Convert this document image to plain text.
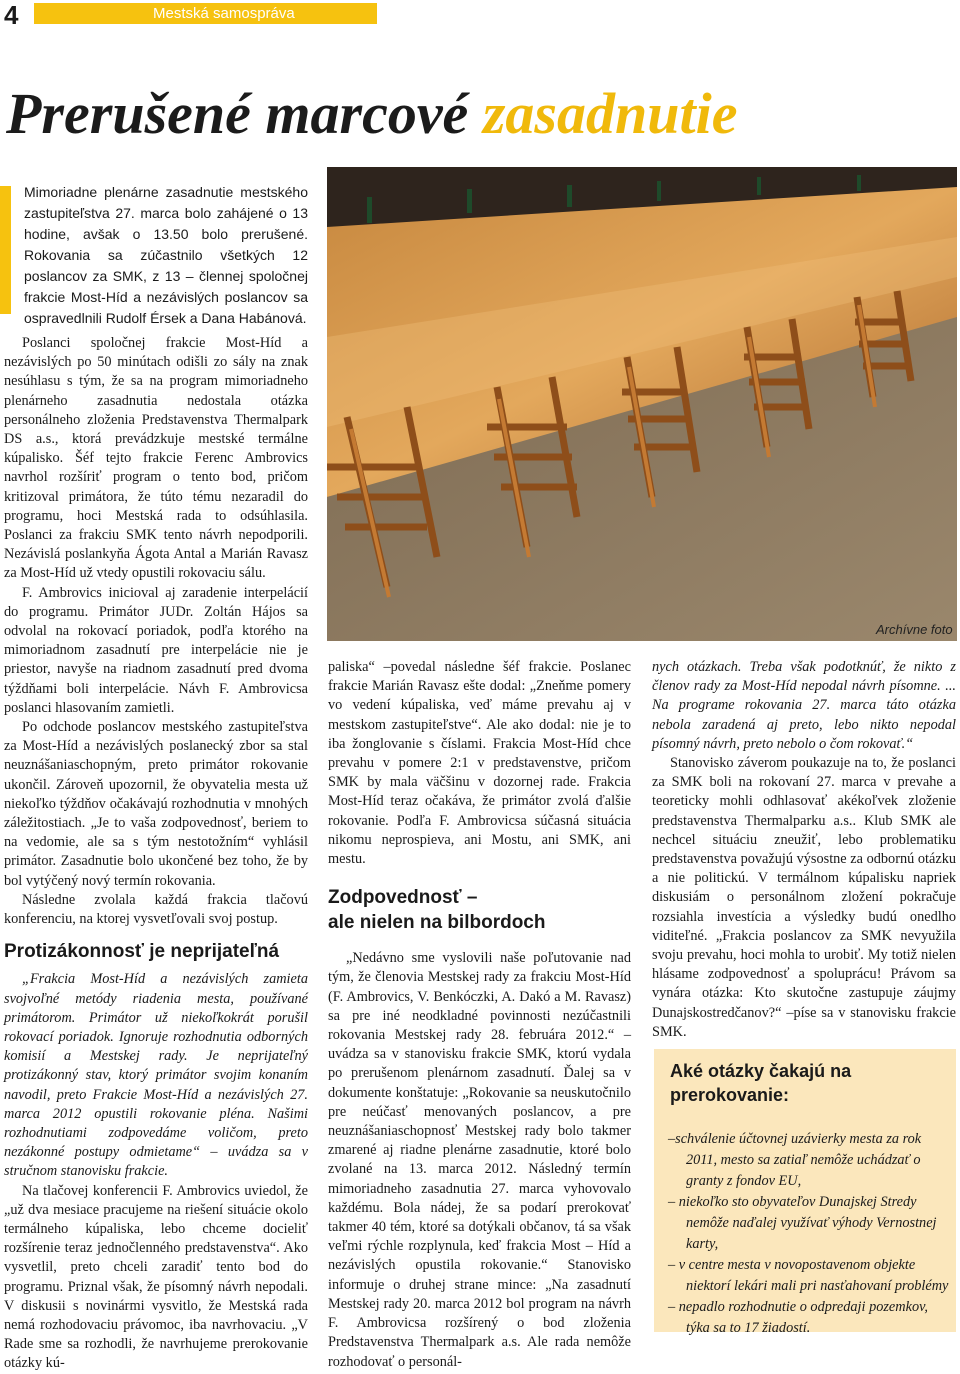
4	Mestská samospráva
Prerušené marcové zasadnutie
Mimoriadne plenárne zasadnutie mestského zastupiteľstva 27. marca bolo zahájené o 13 hodine, avšak o 13.50 bolo prerušené. Rokovania sa zúčastnilo všetkých 12 poslancov za SMK, z 13 – člennej spoločnej frakcie Most-Híd a nezávislých poslancov sa ospravedlnili Rudolf Érsek a Dana Habánová.
Archívne foto

Poslanci spoločnej frakcie Most-Híd a nezávislých po 50 minútach odišli zo sály na znak nesúhlasu s tým, že sa na program mimoriadneho plenárneho zasadnutia nedostala otázka personálneho zloženia Predstavenstva Thermalpark DS a.s., ktorá prevádzkuje mestské termálne kúpalisko. Šéf tejto frakcie Ferenc Ambrovics navrhol rozšíriť program o tento bod, pričom kritizoval primátora, že túto tému nezaradil do programu, hoci Mestská rada to odsúhlasila. Poslanci za frakciu SMK tento návrh nepodporili. Nezávislá poslankyňa Ágota Antal a Marián Ravasz za Most-Híd už vtedy opustili rokovaciu sálu.

F. Ambrovics inicioval aj zaradenie interpelácií do programu. Primátor JUDr. Zoltán Hájos sa odvolal na rokovací poriadok, podľa ktorého na mimoriadnom zasadnutí pre interpelácie nie je priestor, navyše na riadnom zasadnutí pred dvoma týždňami boli interpelácie. Návh F. Ambrovicsa poslanci hlasovaním zamietli.

Po odchode poslancov mestského zastupiteľstva za Most-Híd a nezávislých poslanecký zbor sa stal neuznášaniaschopným, preto primátor rokovanie ukončil. Zároveň upozornil, že obyvatelia mesta už niekoľko týždňov očakávajú rozhodnutia v mnohých záležitostiach. „Je to vaša zodpovednosť, beriem to na vedomie, ale sa s tým nestotožním“ vyhlásil primátor. Zasadnutie bolo ukončené bez toho, že by bol vytýčený nový termín rokovania.

Následne zvolala každá frakcia tlačovú konferenciu, na ktorej vysvetľovali svoj postup.

Protizákonnosť je neprijateľná

„Frakcia Most-Híd a nezávislých zamieta svojvoľné metódy riadenia mesta, používané primátorom. Primátor už niekoľkokrát porušil rokovací poriadok. Ignoruje rozhodnutia odborných komisií a Mestskej rady. Je neprijateľný protizákonný stav, ktorý primátor svojim konaním navodil, preto Frakcie Most-Híd a nezávislých 27. marca 2012 opustili rokovanie pléna. Našimi rozhodnutiami zodpovedáme voličom, preto nezákonné postupy odmietame“ – uvádza sa v stručnom stanovisku frakcie.

Na tlačovej konferencii F. Ambrovics uviedol, že „už dva mesiace pracujeme na riešení situácie okolo termálneho kúpaliska, lebo chceme docieliť rozšírenie teraz jednočlenného predstavenstva“. Ako vysvetlil, preto chceli zaradiť tento bod do programu. Priznal však, že písomný návrh nepodali. V diskusii s novinármi vysvitlo, že Mestská rada nemá rozhodovaciu právomoc, iba navrhovaciu. „V Rade sme sa rozhodli, že navrhujeme prerokovanie otázky kú-

paliska“ –povedal následne šéf frakcie. Poslanec frakcie Marián Ravasz ešte dodal: „Zneňme pomery vo vedení kúpaliska, veď máme prevahu aj v mestskom zastupiteľstve“. Ale ako dodal: nie je to iba žonglovanie s číslami. Frakcia Most-Híd chce prevahu v pomere 2:1 v predstavenstve, pričom SMK by mala väčšinu v dozornej rade. Frakcia Most-Híd teraz očakáva, že primátor zvolá ďalšie rokovanie. Podľa F. Ambrovicsa súčasná situácia nikomu neprospieva, ani Mostu, ani SMK, ani mestu.

Zodpovednosť –
ale nielen na bilbordoch

„Nedávno sme vyslovili naše poľutovanie nad tým, že členovia Mestskej rady za frakciu Most-Híd (F. Ambrovics, V. Benkóczki, A. Dakó a M. Ravasz) sa pre iné neodkladné povinnosti nezúčastnili rokovania Mestskej rady 28. februára 2012.“ – uvádza sa v stanovisku frakcie SMK, ktorú vydala po prerušenom plenárnom zasadnutí. Ďalej sa v dokumente konštatuje: „Rokovanie sa neuskutočnilo pre neúčasť menovaných poslancov, a pre neuznášaniaschopnosť Mestskej rady bolo takmer zmarené aj riadne plenárne zasadnutie, ktoré bolo zvolané na 13. marca 2012. Následný termín mimoriadneho zasadnutia 27. marca vyhovovalo každému. Bola nádej, že sa podarí prerokovať takmer 40 tém, ktoré sa dotýkali občanov, tá sa však veľmi rýchle rozplynula, keď frakcia Most – Híd a nezávislých opustila rokovanie.“ Stanovisko informuje o druhej strane mince: „Na zasadnutí Mestskej rady 20. marca 2012 bol program na návrh F. Ambrovicsa rozšírený o bod zloženia Predstavenstva Thermalpark a.s. Ale rada nemôže rozhodovať o personál-

nych otázkach. Treba však podotknúť, že nikto z členov rady za Most-Híd nepodal návrh písomne. ... Na programe rokovania 27. marca táto otázka nebola zaradená aj preto, lebo nikto nepodal písomný návrh, preto nebolo o čom rokovať.“

Stanovisko záverom poukazuje na to, že poslanci za SMK boli na rokovaní 27. marca v prevahe a teoreticky mohli odhlasovať akékoľvek zloženie predstavenstva Thermalparku a.s.. Klub SMK ale nechcel situáciu zneužiť, lebo problematiku predstavenstva považujú výsostne za odbornú otázku a nie politickú. V termálnom kúpalisku napriek diskusiám o personálnom zložení pokračuje rozsiahla investícia a výsledky budú onedlho viditeľné. „Frakcia poslancov za SMK nevyužila svoju prevahu, hoci mohla to urobiť. My totiž nielen hlásame zodpovednosť a spoluprácu! Právom sa vynára otázka: Kto skutočne zastupuje záujmy Dunajskostredčanov?“ –píse sa v stanovisku frakcie SMK.

Aké otázky čakajú na prerokovanie:
–schválenie účtovnej uzávierky mesta za rok 2011, mesto sa zatiaľ nemôže uchádzať o granty z fondov EU,
– niekoľko sto obyvateľov Dunajskej Stredy nemôže naďalej využívať výhody Vernostnej karty,
– v centre mesta v novopostavenom objekte niektorí lekári mali pri nasťahovaní problémy
– nepadlo rozhodnutie o odpredaji pozemkov, týka sa to 17 žiadostí.
